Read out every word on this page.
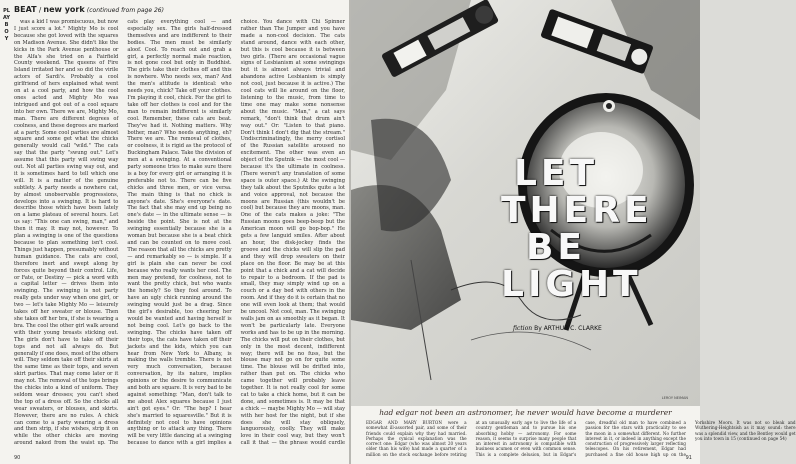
PLAYBOY
BEAT / new york (continued from page 26)

was a kid I was promiscuous, but now I just score a lot." Mighty Mo is cool because she got loved with the squares on Madison Avenue. She didn't like the kicks in the Park Avenue penthouse or the Alfa's she tried on a Fairfield County weekend. The queens of Fire Island irritated her and so did the virile actors of Sardi's. Probably a cool girlfriend of hers explained what went on at a cool party, and how the cool ones acted and Mighty Mo was intrigued and got out of a cool square into her own. There we are, Mighty Mo, man. There are different degrees of coolness, and these degrees are marked at a party. Some cool parties are almost square and some get what the chicks generally would call "wild." The cats say that the party "swung out." Let's assume that this party will swing way out. Not all parties swing way out, and it is sometimes hard to tell which one will. It is a matter of the genuine subtlety. A party needs a nowhere cat, by almost unobservable progressions, develops into a swinging. It is hard to describe those which have been lately on a lame plateau of several hours. Let us say: "This one can swing, man," and then it may. It may not, however. To plan a swinging is one of the questions because to plan something isn't cool. Things just happen, presumably without human guidance. The cats are cool, therefore inert and swept along by forces quite beyond their control. Life, or Fate, or Destiny — pick a word with a capital letter — drives them into swinging. The swinging is not party really gets under way when one girl, or two — let's take Mighty Mo — leisurely takes off her sweater or blouse. Then she takes off her bra, if she is wearing a bra. The cool the other girl walk around with their young breasts sticking out. The girls don't have to take off their tops and not all always do. But generally if one does, most of the others will. They seldom take off their skirts at the same time as their tops, and seven skirt parties. That may come later or it may not. The removal of the tops brings the chicks into a kind of uniform. They seldom wear dresses; you can't shed the top of a dress off. So the chicks all wear sweaters, or blouses, and skirts. However, there are no rules. A chick can come to a party wearing a dress and then strip, if she wishes, strip it on while the other chicks are moving around naked from the waist up. The cats play everything cool — and especially sex. The girls half-dressed themselves and are indifferent to their bodies. The men must be similarly aloof. Cool. To reach out and grab a girl, a perfectly normal male reaction, is not gone cool but only in Buddhist. The girls take their clothes off and this is nowhere. Who needs sex, man? And the men's attitude is identical: who needs you, chick? Take off your clothes. I'm playing it cool, chick. For the girl to take off her clothes is cool and for the man to remain indifferent is similarly cool. Remember, these cats are beat. They've had it. Nothing matters. Why bother, man? Who needs anything, eh? There we are. The removal of clothes, or coolness, it is rigid as the protocol of Buckingham Palace. Take the division of men at a swinging. At a conventional party someone tries to make sure there is a boy for every girl or arranging it is preferable not to. There can be five chicks and three men, or vice versa. The main thing is that no chick is anyone's date. She's everyone's date. The fact that she may end up being no one's date — in the ultimate sense — is beside the point. She is not at the swinging essentially because she is a woman but because she is a beat chick and can be counted on to move cool. The reason that all the chicks are pretty — and remarkably so — is simple. If a girl is plain she can never be cool because who really wants her cool. The men may pretend, for coolness, not to want the pretty chick, but who wants the homely? So they fool around. To have an ugly chick running around the swinging would just be a drag. Since the girl's desirable, too cheering her would be wanted and having herself is not being cool. Let's go back to the swinging. The chicks have taken off their tops, the cats have taken off their jackets and the kids, which you can hear from New York to Albany, is making the walls tremble. There is not very much conversation, because conversation, by its nature, implies opinions or the desire to communicate and both are square. It is very bad to be against something: "Man, don't talk to me about Alex squares because I just ain't got eyes." Or: "The hep? I hear she's married to squaresville." But it is definitely not cool to have opinions anything or to attack any thing. There will be very little dancing at a swinging because to dance with a girl implies a choice. You dance with Chi Spinner rather than The Jumper and you have made a non-cool decision. The cats stand around, dance with each other, but this is cool because it is between two girls. (There are occasional vague signs of Lesbianism at some swingings but it is almost always trivial and abandons active Lesbianism is simply not cool, just because it is active.) The cool cats will lie around on the floor, listening to the music, from time to time one may make some nonsense about the music. "Man," a cat says remark, "don't think that drum ain't way out." Or: "Listen to that piano. Don't think I don't dig that the stream." Undiscriminatingly, the merry cortisol of the Russian satellite aroused no excitement. The other was even an object of the Sputnik — the most cool — because it's the ultimate in coolness. (There weren't any translation of some space is outer space.) At the swinging they talk about the Sputniks quite a lot and voice approval, not because the moons are Russian (this wouldn't be cool) but because they are moons, man. One of the cats makes a joke: "The Russian moons goes beep-beep but the American moon will go bop-bop." He gets a few languid smiles. After about an hour, the disk-jockey finds the groove and the chicks will slip the pad and they will drop sweaters on their place on the floor. Be may be at this point that a chick and a cat will decide to repair to a bedroom. If the pad is small, they may simply wind up on a couch or a day bed with others in the room. And if they do it is certain that no one will even look at them; that would be uncool. Not cool, man. The swinging walls jam on as smoothly as it began. It won't be particularly late. Everyone works and has to be up in the morning. The chicks will put on their clothes, but only in the most decent, indifferent way; there will be no fuss, but the blouse may not go on for quite some time. The blouse will be drifted into, rather than put on. The chicks who came together will probably leave together. It is not really cool for some cat to take a chick home, but it can be done, and sometimes is. It may be that a chick — maybe Mighty Mo — will stay with her host for the night, but if she does she will stay obliquely, languorously, coolly. They will make love in their cool way, but they won't call it that — the phrase would curdle

90
LET
THERE
BE
LIGHT
fiction By ARTHUR C. CLARKE
LEROY NEIMAN
had edgar not been an astronomer, he never would have become a murderer

EDGAR AND MARY BURTON were a somewhat ill-assorted pair, and some of their friends could explain why they had married. Perhaps the cynical explanation was the correct one: Edgar (who was almost 20 years older than his wife) had made a quarter of a million on the stock exchange before retiring at an unusually early age to live the life of a country gentleman and to pursue his one absorbing hobby — astronomy. For some reason, it seems to surprise many people that an interest in astronomy is compatible with business acumen or even with common sense. This is a complete delusion, but in Edgar's case, dreadful old man to have combined a passion for the stars with practicality to see the moon in a somewhat different. No further interest in it, or indeed in anything except the construction of progressively larger reflecting telescopes. On his retirement, Edgar had purchased a fine old house high up on the Yorkshire Moors. It was not so bleak and Wuthering-Heightsish as it may sound: there was a splendid view, and the Bentley would get you into town in 15 (continued on page 54)

91
